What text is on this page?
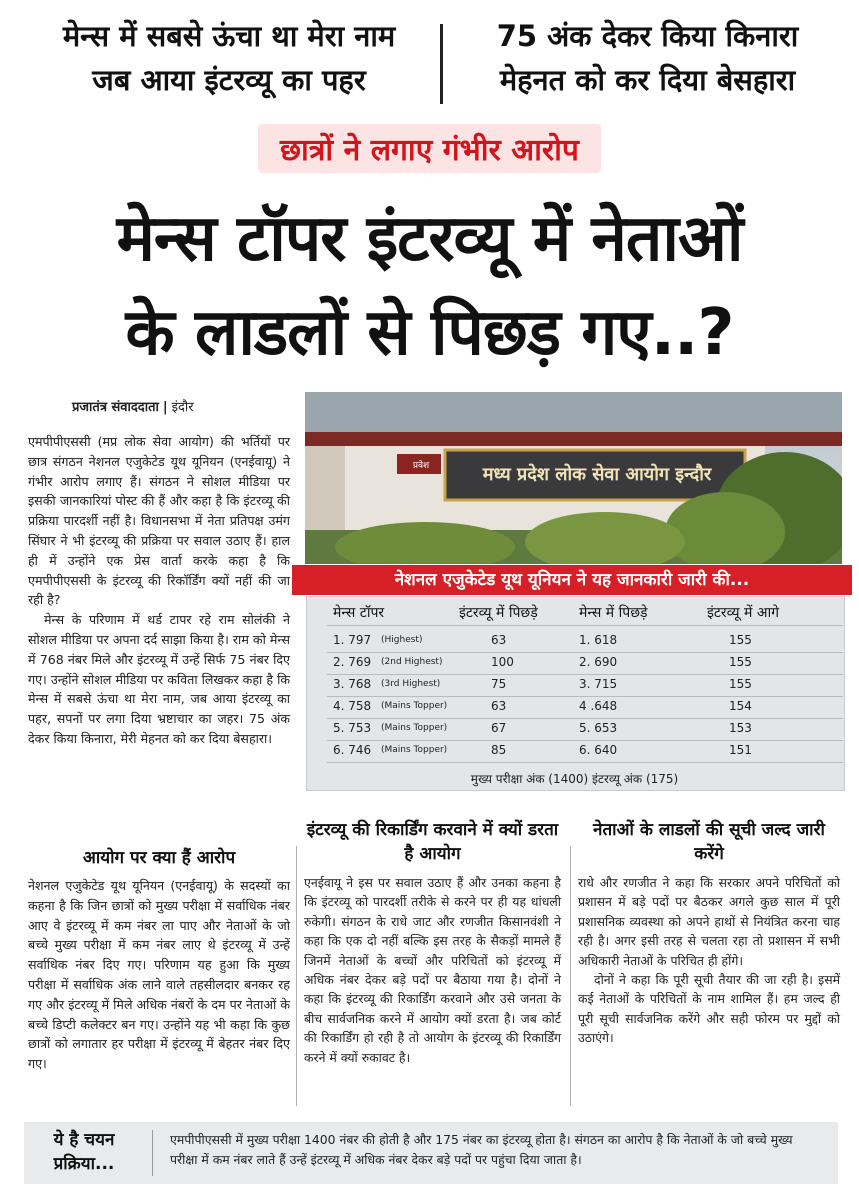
मेन्स में सबसे ऊंचा था मेरा नाम
जब आया इंटरव्यू का पहर
75 अंक देकर किया किनारा
मेहनत को कर दिया बेसहारा
छात्रों ने लगाए गंभीर आरोप
मेन्स टॉपर इंटरव्यू में नेताओं
के लाडलों से पिछड़ गए..?
प्रजातंत्र संवाददाता | इंदौर

एमपीपीएससी (मप्र लोक सेवा आयोग) की भर्तियों पर छात्र संगठन नेशनल एजुकेटेड यूथ यूनियन (एनईवायू) ने गंभीर आरोप लगाए हैं। संगठन ने सोशल मीडिया पर इसकी जानकारियां पोस्ट की हैं और कहा है कि इंटरव्यू की प्रक्रिया पारदर्शी नहीं है। विधानसभा में नेता प्रतिपक्ष उमंग सिंघार ने भी इंटरव्यू की प्रक्रिया पर सवाल उठाए हैं। हाल ही में उन्होंने एक प्रेस वार्ता करके कहा है कि एमपीपीएससी के इंटरव्यू की रिकॉर्डिंग क्यों नहीं की जा रही है?

मेन्स के परिणाम में थर्ड टापर रहे राम सोलंकी ने सोशल मीडिया पर अपना दर्द साझा किया है। राम को मेन्स में 768 नंबर मिले और इंटरव्यू में उन्हें सिर्फ 75 नंबर दिए गए। उन्होंने सोशल मीडिया पर कविता लिखकर कहा है कि मेन्स में सबसे ऊंचा था मेरा नाम, जब आया इंटरव्यू का पहर, सपनों पर लगा दिया भ्रष्टाचार का जहर। 75 अंक देकर किया किनारा, मेरी मेहनत को कर दिया बेसहारा।

आयोग पर क्या हैं आरोप

नेशनल एजुकेटेड यूथ यूनियन (एनईवायू) के सदस्यों का कहना है कि जिन छात्रों को मुख्य परीक्षा में सर्वाधिक नंबर आए वे इंटरव्यू में कम नंबर ला पाए और नेताओं के जो बच्चे मुख्य परीक्षा में कम नंबर लाए थे इंटरव्यू में उन्हें सर्वाधिक नंबर दिए गए। परिणाम यह हुआ कि मुख्य परीक्षा में सर्वाधिक अंक लाने वाले तहसीलदार बनकर रह गए और इंटरव्यू में मिले अधिक नंबरों के दम पर नेताओं के बच्चे डिप्टी कलेक्टर बन गए। उन्होंने यह भी कहा कि कुछ छात्रों को लगातार हर परीक्षा में इंटरव्यू में बेहतर नंबर दिए गए।

मध्य प्रदेश लोक सेवा आयोग इन्दौर
प्रवेश
नेशनल एजुकेटेड यूथ यूनियन ने यह जानकारी जारी की...
मेन्स टॉपर	इंटरव्यू में पिछड़े	मेन्स में पिछड़े	इंटरव्यू में आगे
1. 797 (Highest)	63	1. 618	155
2. 769 (2nd Highest)	100	2. 690	155
3. 768 (3rd Highest)	75	3. 715	155
4. 758 (Mains Topper)	63	4 .648	154
5. 753 (Mains Topper)	67	5. 653	153
6. 746 (Mains Topper)	85	6. 640	151
मुख्य परीक्षा अंक (1400) इंटरव्यू अंक (175)
इंटरव्यू की रिकार्डिंग करवाने में क्यों डरता है आयोग
एनईवायू ने इस पर सवाल उठाए हैं और उनका कहना है कि इंटरव्यू को पारदर्शी तरीके से करने पर ही यह धांधली रुकेगी। संगठन के राधे जाट और रणजीत किसानवंशी ने कहा कि एक दो नहीं बल्कि इस तरह के सैकड़ों मामले हैं जिनमें नेताओं के बच्चों और परिचितों को इंटरव्यू में अधिक नंबर देकर बड़े पदों पर बैठाया गया है। दोनों ने कहा कि इंटरव्यू की रिकार्डिंग करवाने और उसे जनता के बीच सार्वजनिक करने में आयोग क्यों डरता है। जब कोर्ट की रिकार्डिंग हो रही है तो आयोग के इंटरव्यू की रिकार्डिंग करने में क्यों रुकावट है।
नेताओं के लाडलों की सूची जल्द जारी करेंगे

राधे और रणजीत ने कहा कि सरकार अपने परिचितों को प्रशासन में बड़े पदों पर बैठकर अगले कुछ साल में पूरी प्रशासनिक व्यवस्था को अपने हाथों से नियंत्रित करना चाह रही है। अगर इसी तरह से चलता रहा तो प्रशासन में सभी अधिकारी नेताओं के परिचित ही होंगे।

दोनों ने कहा कि पूरी सूची तैयार की जा रही है। इसमें कई नेताओं के परिचितों के नाम शामिल हैं। हम जल्द ही पूरी सूची सार्वजनिक करेंगे और सही फोरम पर मुद्दों को उठाएंगे।

ये है चयन प्रक्रिया...
एमपीपीएससी में मुख्य परीक्षा 1400 नंबर की होती है और 175 नंबर का इंटरव्यू होता है। संगठन का आरोप है कि नेताओं के जो बच्चे मुख्य परीक्षा में कम नंबर लाते हैं उन्हें इंटरव्यू में अधिक नंबर देकर बड़े पदों पर पहुंचा दिया जाता है।
